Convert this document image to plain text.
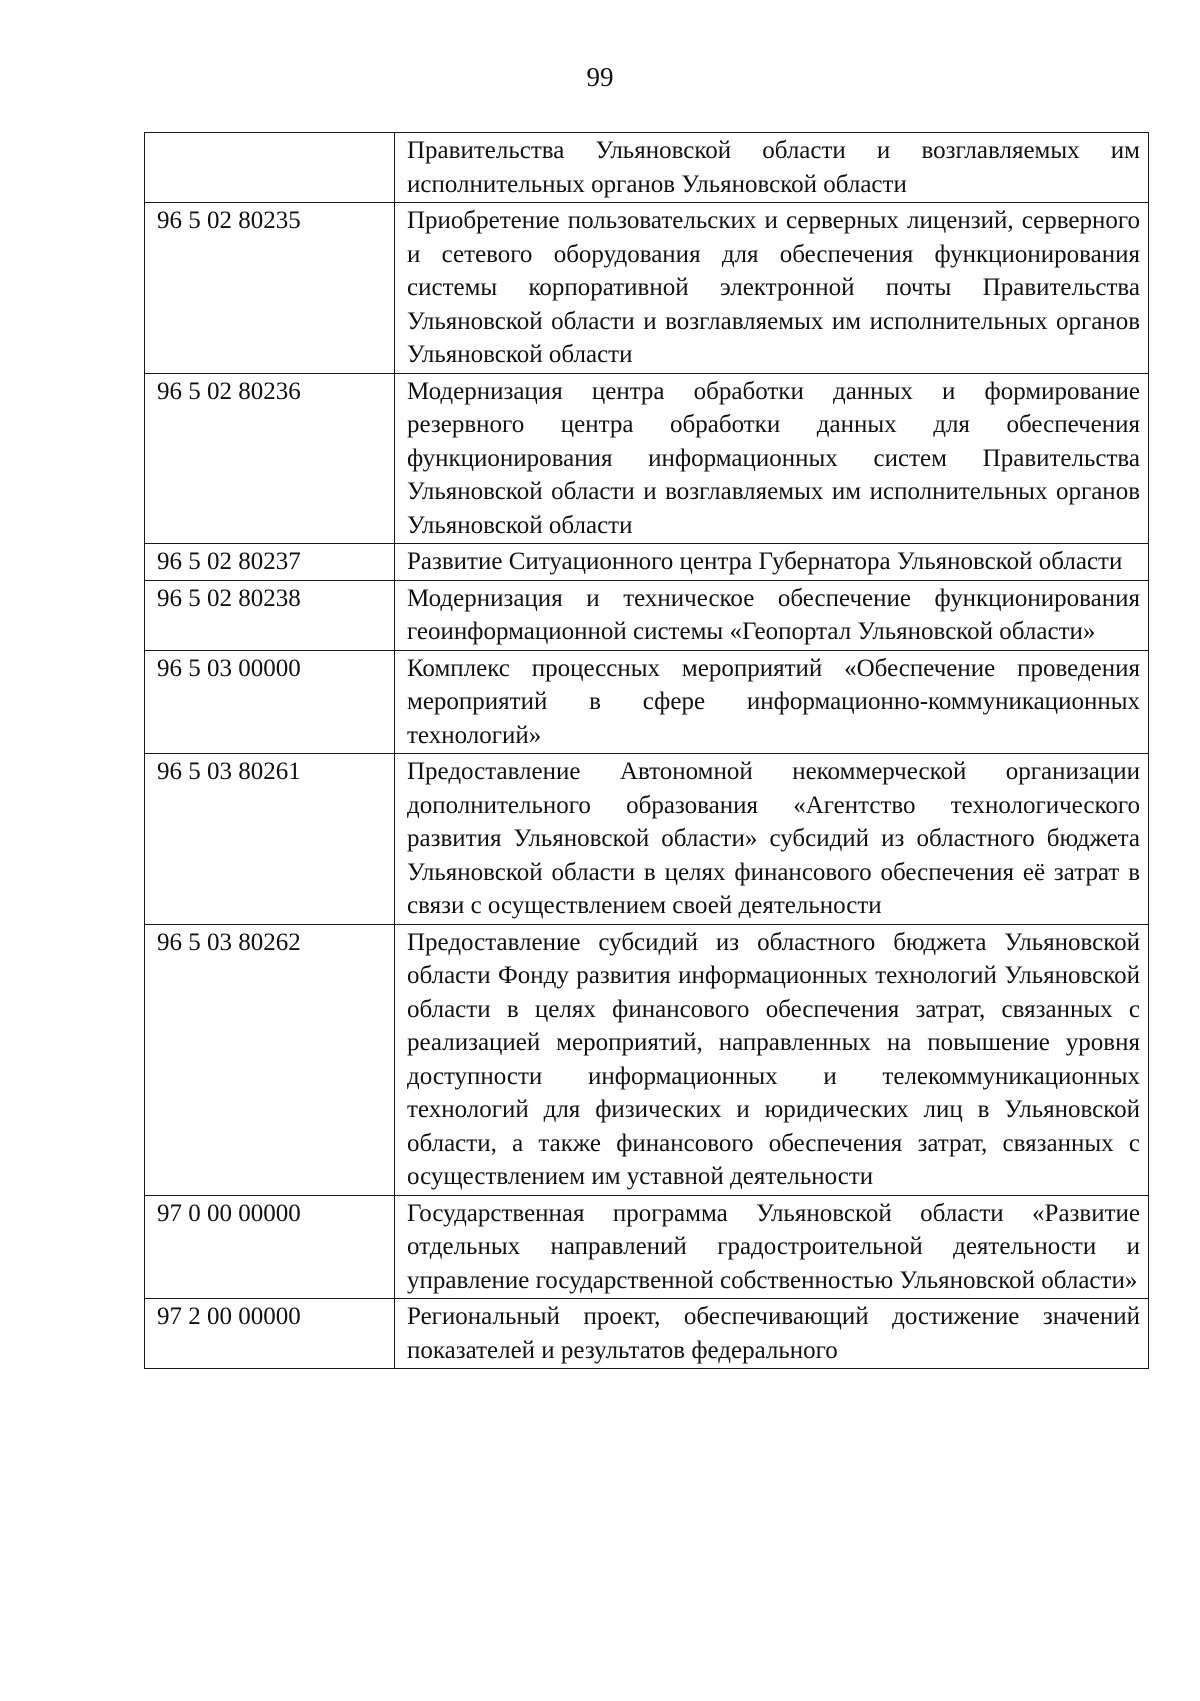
99
	Правительства Ульяновской области и возглавляемых им исполнительных органов Ульяновской области
96 5 02 80235	Приобретение пользовательских и серверных лицензий, серверного и сетевого оборудования для обеспечения функционирования системы корпоративной электронной почты Правительства Ульяновской области и возглавляемых им исполнительных органов Ульяновской области
96 5 02 80236	Модернизация центра обработки данных и формирование резервного центра обработки данных для обеспечения функционирования информационных систем Правительства Ульяновской области и возглавляемых им исполнительных органов Ульяновской области
96 5 02 80237	Развитие Ситуационного центра Губернатора Ульяновской области
96 5 02 80238	Модернизация и техническое обеспечение функционирования геоинформационной системы «Геопортал Ульяновской области»
96 5 03 00000	Комплекс процессных мероприятий «Обеспечение проведения мероприятий в сфере информационно-коммуникационных технологий»
96 5 03 80261	Предоставление Автономной некоммерческой организации дополнительного образования «Агентство технологического развития Ульяновской области» субсидий из областного бюджета Ульяновской области в целях финансового обеспечения её затрат в связи с осуществлением своей деятельности
96 5 03 80262	Предоставление субсидий из областного бюджета Ульяновской области Фонду развития информационных технологий Ульяновской области в целях финансового обеспечения затрат, связанных с реализацией мероприятий, направленных на повышение уровня доступности информационных и телекоммуникационных технологий для физических и юридических лиц в Ульяновской области, а также финансового обеспечения затрат, связанных с осуществлением им уставной деятельности
97 0 00 00000	Государственная программа Ульяновской области «Развитие отдельных направлений градостроительной деятельности и управление государственной собственностью Ульяновской области»
97 2 00 00000	Региональный проект, обеспечивающий достижение значений показателей и результатов федерального
